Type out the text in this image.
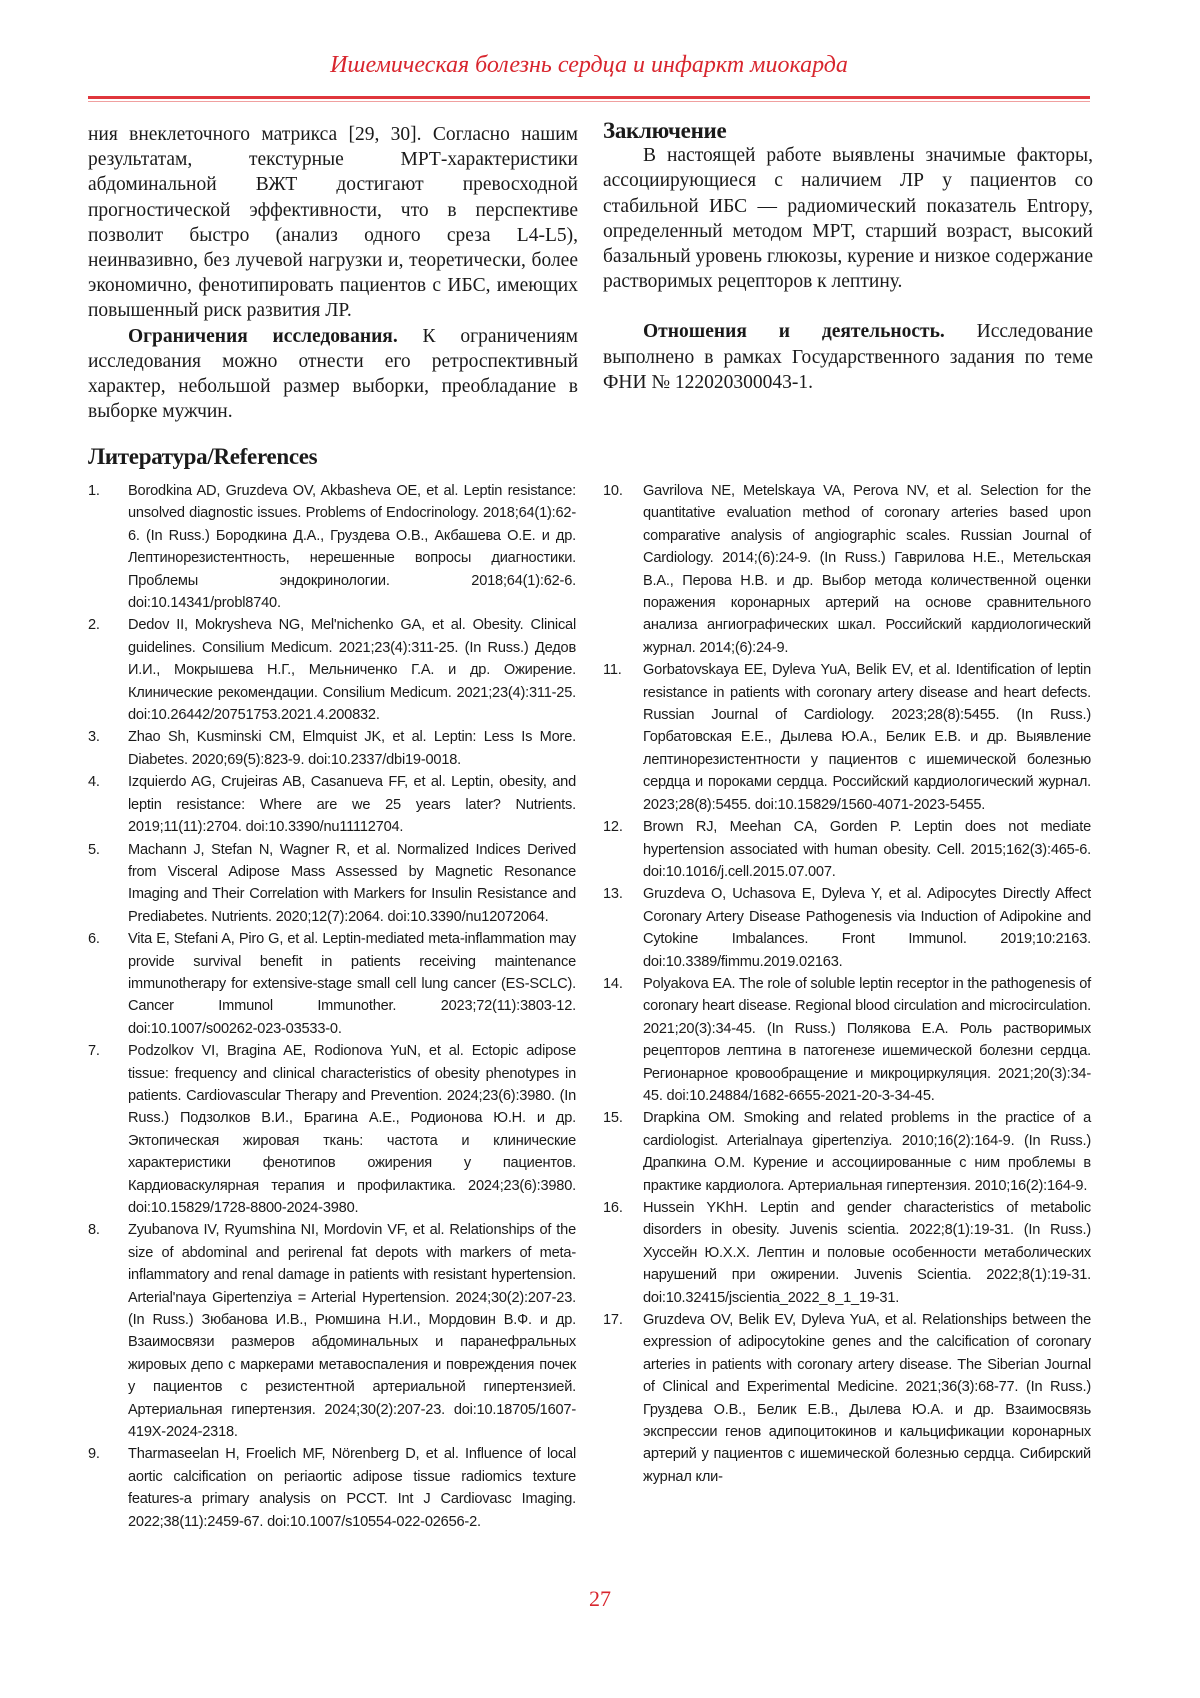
Ишемическая болезнь сердца и инфаркт миокарда

ния внеклеточного матрикса [29, 30]. Согласно нашим результатам, текстурные МРТ-характеристики абдоминальной ВЖТ достигают превосходной прогностической эффективности, что в перспективе позволит быстро (анализ одного среза L4-L5), неинвазивно, без лучевой нагрузки и, теоретически, более экономично, фенотипировать пациентов с ИБС, имеющих повышенный риск развития ЛР.

Ограничения исследования. К ограничениям исследования можно отнести его ретроспективный характер, небольшой размер выборки, преобладание в выборке мужчин.

Заключение

В настоящей работе выявлены значимые факторы, ассоциирующиеся с наличием ЛР у пациентов со стабильной ИБС — радиомический показатель Entropy, определенный методом МРТ, старший возраст, высокий базальный уровень глюкозы, курение и низкое содержание растворимых рецепторов к лептину.

Отношения и деятельность. Исследование выполнено в рамках Государственного задания по теме ФНИ № 122020300043-1.

Литература/References
1.	Borodkina AD, Gruzdeva OV, Akbasheva OE, et al. Leptin resistance: unsolved diagnostic issues. Problems of Endocrinology. 2018;64(1):62-6. (In Russ.) Бородкина Д.А., Груздева О.В., Акбашева О.Е. и др. Лептинорезистентность, нерешенные вопросы диагностики. Проблемы эндокринологии. 2018;64(1):62-6. doi:10.14341/probl8740.
2.	Dedov II, Mokrysheva NG, Mel'nichenko GA, et al. Obesity. Clinical guidelines. Consilium Medicum. 2021;23(4):311-25. (In Russ.) Дедов И.И., Мокрышева Н.Г., Мельниченко Г.А. и др. Ожирение. Клинические рекомендации. Consilium Medicum. 2021;23(4):311-25. doi:10.26442/20751753.2021.4.200832.
3.	Zhao Sh, Kusminski CM, Elmquist JK, et al. Leptin: Less Is More. Diabetes. 2020;69(5):823-9. doi:10.2337/dbi19-0018.
4.	Izquierdo AG, Crujeiras AB, Casanueva FF, et al. Leptin, obesity, and leptin resistance: Where are we 25 years later? Nutrients. 2019;11(11):2704. doi:10.3390/nu11112704.
5.	Machann J, Stefan N, Wagner R, et al. Normalized Indices Derived from Visceral Adipose Mass Assessed by Magnetic Resonance Imaging and Their Correlation with Markers for Insulin Resistance and Prediabetes. Nutrients. 2020;12(7):2064. doi:10.3390/nu12072064.
6.	Vita E, Stefani A, Piro G, et al. Leptin-mediated meta-inflammation may provide survival benefit in patients receiving maintenance immunotherapy for extensive-stage small cell lung cancer (ES-SCLC). Cancer Immunol Immunother. 2023;72(11):3803-12. doi:10.1007/s00262-023-03533-0.
7.	Podzolkov VI, Bragina AE, Rodionova YuN, et al. Ectopic adipose tissue: frequency and clinical characteristics of obesity phenotypes in patients. Cardiovascular Therapy and Prevention. 2024;23(6):3980. (In Russ.) Подзолков В.И., Брагина А.Е., Родионова Ю.Н. и др. Эктопическая жировая ткань: частота и клинические характеристики фенотипов ожирения у пациентов. Кардиоваскулярная терапия и профилактика. 2024;23(6):3980. doi:10.15829/1728-8800-2024-3980.
8.	Zyubanova IV, Ryumshina NI, Mordovin VF, et al. Relationships of the size of abdominal and perirenal fat depots with markers of meta-inflammatory and renal damage in patients with resistant hypertension. Arterial'naya Gipertenziya = Arterial Hypertension. 2024;30(2):207-23. (In Russ.) Зюбанова И.В., Рюмшина Н.И., Мордовин В.Ф. и др. Взаимосвязи размеров абдоминальных и паранефральных жировых депо с маркерами метавоспаления и повреждения почек у пациентов с резистентной артериальной гипертензией. Артериальная гипертензия. 2024;30(2):207-23. doi:10.18705/1607-419X-2024-2318.
9.	Tharmaseelan H, Froelich MF, Nörenberg D, et al. Influence of local aortic calcification on periaortic adipose tissue radiomics texture features-a primary analysis on PCCT. Int J Cardiovasc Imaging. 2022;38(11):2459-67. doi:10.1007/s10554-022-02656-2.
10.	Gavrilova NE, Metelskaya VA, Perova NV, et al. Selection for the quantitative evaluation method of coronary arteries based upon comparative analysis of angiographic scales. Russian Journal of Cardiology. 2014;(6):24-9. (In Russ.) Гаврилова Н.Е., Метельская В.А., Перова Н.В. и др. Выбор метода количественной оценки поражения коронарных артерий на основе сравнительного анализа ангиографических шкал. Российский кардиологический журнал. 2014;(6):24-9.
11.	Gorbatovskaya EE, Dyleva YuA, Belik EV, et al. Identification of leptin resistance in patients with coronary artery disease and heart defects. Russian Journal of Cardiology. 2023;28(8):5455. (In Russ.) Горбатовская Е.Е., Дылева Ю.А., Белик Е.В. и др. Выявление лептинорезистентности у пациентов с ишемической болезнью сердца и пороками сердца. Российский кардиологический журнал. 2023;28(8):5455. doi:10.15829/1560-4071-2023-5455.
12.	Brown RJ, Meehan CA, Gorden P. Leptin does not mediate hypertension associated with human obesity. Cell. 2015;162(3):465-6. doi:10.1016/j.cell.2015.07.007.
13.	Gruzdeva O, Uchasova E, Dyleva Y, et al. Adipocytes Directly Affect Coronary Artery Disease Pathogenesis via Induction of Adipokine and Cytokine Imbalances. Front Immunol. 2019;10:2163. doi:10.3389/fimmu.2019.02163.
14.	Polyakova EA. The role of soluble leptin receptor in the pathogenesis of coronary heart disease. Regional blood circulation and microcirculation. 2021;20(3):34-45. (In Russ.) Полякова Е.А. Роль растворимых рецепторов лептина в патогенезе ишемической болезни сердца. Регионарное кровообращение и микроциркуляция. 2021;20(3):34-45. doi:10.24884/1682-6655-2021-20-3-34-45.
15.	Drapkina OM. Smoking and related problems in the practice of a cardiologist. Arterialnaya gipertenziya. 2010;16(2):164-9. (In Russ.) Драпкина О.М. Курение и ассоциированные с ним проблемы в практике кардиолога. Артериальная гипертензия. 2010;16(2):164-9.
16.	Hussein YKhH. Leptin and gender characteristics of metabolic disorders in obesity. Juvenis scientia. 2022;8(1):19-31. (In Russ.) Хуссейн Ю.Х.Х. Лептин и половые особенности метаболических нарушений при ожирении. Juvenis Scientia. 2022;8(1):19-31. doi:10.32415/jscientia_2022_8_1_19-31.
17.	Gruzdeva OV, Belik EV, Dyleva YuA, et al. Relationships between the expression of adipocytokine genes and the calcification of coronary arteries in patients with coronary artery disease. The Siberian Journal of Clinical and Experimental Medicine. 2021;36(3):68-77. (In Russ.) Груздева О.В., Белик Е.В., Дылева Ю.А. и др. Взаимосвязь экспрессии генов адипоцитокинов и кальцификации коронарных артерий у пациентов с ишемической болезнью сердца. Сибирский журнал кли-
27
